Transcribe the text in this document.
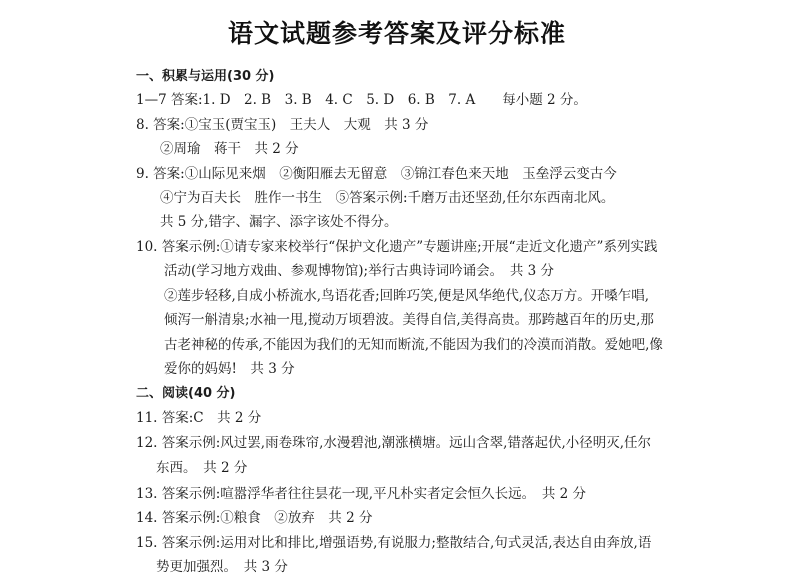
语文试题参考答案及评分标准
一、积累与运用(30 分)
1—7 答案:1. D　2. B　3. B　4. C　5. D　6. B　7. A　　每小题 2 分。
8. 答案:①宝玉(贾宝玉)　王夫人　大观　共 3 分
②周瑜　蒋干　共 2 分
9. 答案:①山际见来烟　②衡阳雁去无留意　③锦江春色来天地　玉垒浮云变古今
④宁为百夫长　胜作一书生　⑤答案示例:千磨万击还坚劲,任尔东西南北风。
共 5 分,错字、漏字、添字该处不得分。
10. 答案示例:①请专家来校举行“保护文化遗产”专题讲座;开展“走近文化遗产”系列实践
活动(学习地方戏曲、参观博物馆);举行古典诗词吟诵会。　共 3 分
②莲步轻移,自成小桥流水,鸟语花香;回眸巧笑,便是风华绝代,仪态万方。开嗓乍唱,
倾泻一斛清泉;水袖一甩,搅动万顷碧波。美得自信,美得高贵。那跨越百年的历史,那
古老神秘的传承,不能因为我们的无知而断流,不能因为我们的冷漠而消散。爱她吧,像
爱你的妈妈!　共 3 分
二、阅读(40 分)
11. 答案:C　共 2 分
12. 答案示例:风过罢,雨卷珠帘,水漫碧池,潮涨横塘。远山含翠,错落起伏,小径明灭,任尔
东西。　共 2 分
13. 答案示例:喧嚣浮华者往往昙花一现,平凡朴实者定会恒久长远。　共 2 分
14. 答案示例:①粮食　②放弃　共 2 分
15. 答案示例:运用对比和排比,增强语势,有说服力;整散结合,句式灵活,表达自由奔放,语
势更加强烈。　共 3 分
